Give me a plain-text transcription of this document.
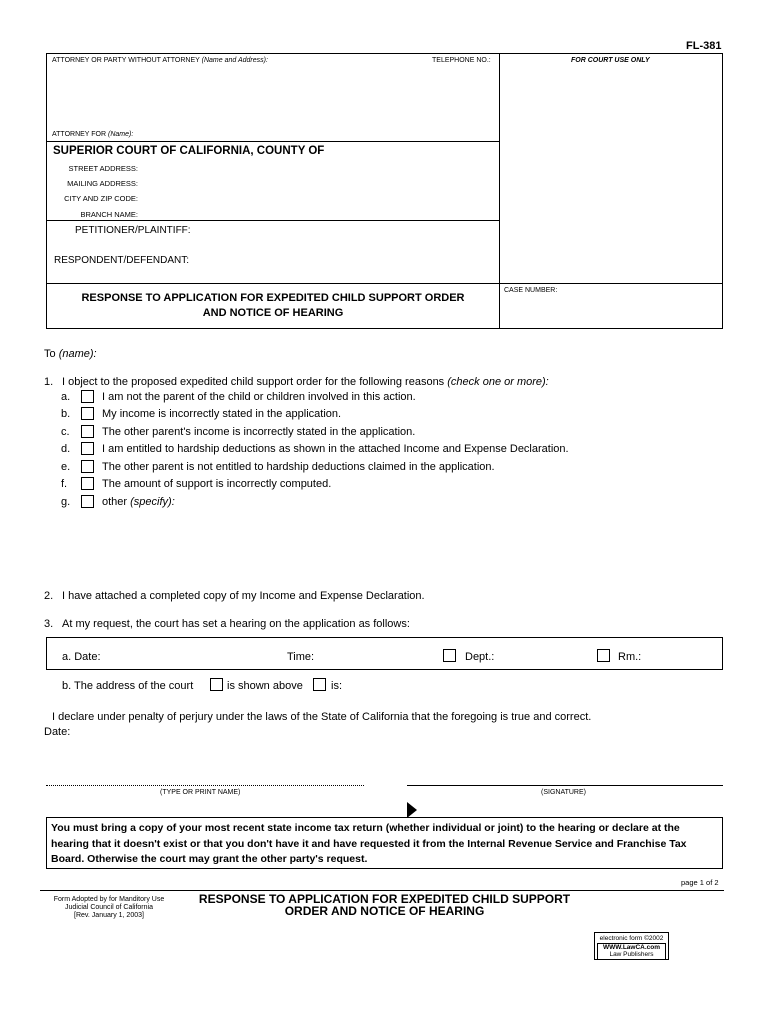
FL-381
ATTORNEY OR PARTY WITHOUT ATTORNEY (Name and Address):	TELEPHONE NO.:	FOR COURT USE ONLY
ATTORNEY FOR (Name):
SUPERIOR COURT OF CALIFORNIA, COUNTY OF
STREET ADDRESS:
MAILING ADDRESS:
CITY AND ZIP CODE:
BRANCH NAME:
PETITIONER/PLAINTIFF:
RESPONDENT/DEFENDANT:
RESPONSE TO APPLICATION FOR EXPEDITED CHILD SUPPORT ORDER
AND NOTICE OF HEARING
CASE NUMBER:
To (name):
1. I object to the proposed expedited child support order for the following reasons (check one or more):
a.	I am not the parent of the child or children involved in this action.
b.	My income is incorrectly stated in the application.
c.	The other parent's income is incorrectly stated in the application.
d.	I am entitled to hardship deductions as shown in the attached Income and Expense Declaration.
e.	The other parent is not entitled to hardship deductions claimed in the application.
f.	The amount of support is incorrectly computed.
g.	other (specify):
2. I have attached a completed copy of my Income and Expense Declaration.
3. At my request, the court has set a hearing on the application as follows:
a. Date:	Time:	Dept.:	Rm.:
b. The address of the court	is shown above	is:
I declare under penalty of perjury under the laws of the State of California that the foregoing is true and correct.
Date:
(TYPE OR PRINT NAME)	(SIGNATURE)
You must bring a copy of your most recent state income tax return (whether individual or joint) to the hearing or declare at the hearing that it doesn't exist or that you don't have it and have requested it from the Internal Revenue Service and Franchise Tax Board. Otherwise the court may grant the other party's request.
page 1 of 2
Form Adopted by for Manditory Use
Judicial Council of California
[Rev. January 1, 2003]
RESPONSE TO APPLICATION FOR EXPEDITED CHILD SUPPORT
ORDER AND NOTICE OF HEARING
electronic form ©2002
WWW.LawCA.com
Law Publishers
